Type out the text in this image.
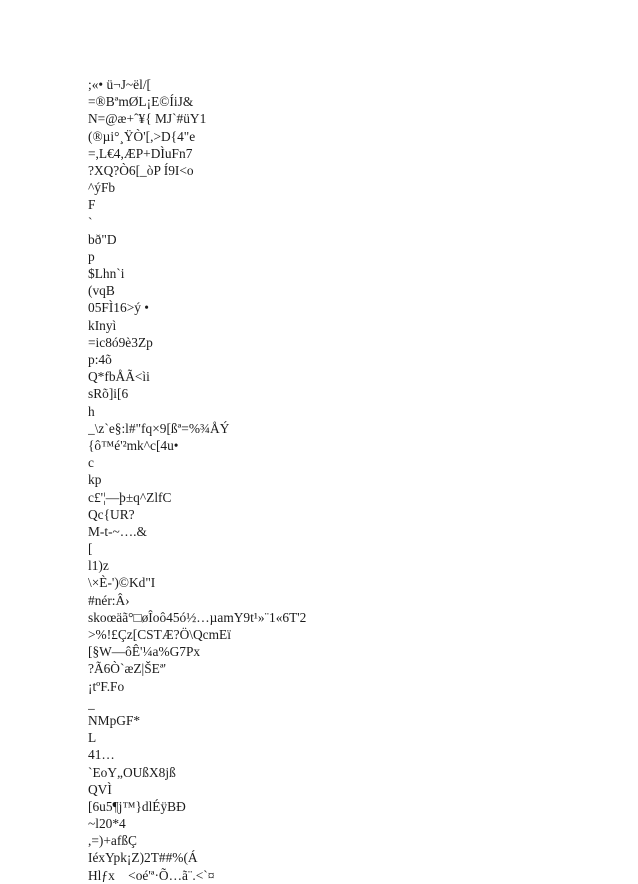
;«• ü¬J~ël/[
=®BªmØL¡E©ÍiJ&
N=@æ+ˆ¥{ MJ`#üY1
(®µi°¸ŸÒ'[,>D{4"e
=,L€4,ÆP+DÌuFn7
?XQ?Ò6[_òP Í9I<o
^ýFb
F
`
bð"D
p
$Lhn`i
(vqB
05FÌ16>ý •
kInyì
=ic8ó9è3Zp
p:4õ
Q*fbÅÃ<ìi
sRõ]i[6
h
_\z`e§:l#"fq×9[ßª=%¾ÅÝ
{ô™é'²mk^c[4u•
c
kp
c£'¦—þ±q^ZlfC
Qc{UR?
M-t-~….&
[
l1)z
\×È-')©Kd"I
#nér:Â›
skoœäã°□øÎoô45ó½…µamY9t¹»¨1«6T'2
>%!£Çz[CSTÆ?Ö\QcmEï
[§W—ôÊ'¼a%G7Px
?Ã6Ò`æZ|ŠEª'
¡tºF.Fo
_
NMpGF*
L
41…
`EoY„OUßX8jß
QVÌ
[6u5¶j™}dlÉÿBÐ
~l20*4
,=)+afßÇ
IéxYpk¡Z)2T##%(Á
Hlƒx    <oé'ª·Õ…ã¨.<`¤
